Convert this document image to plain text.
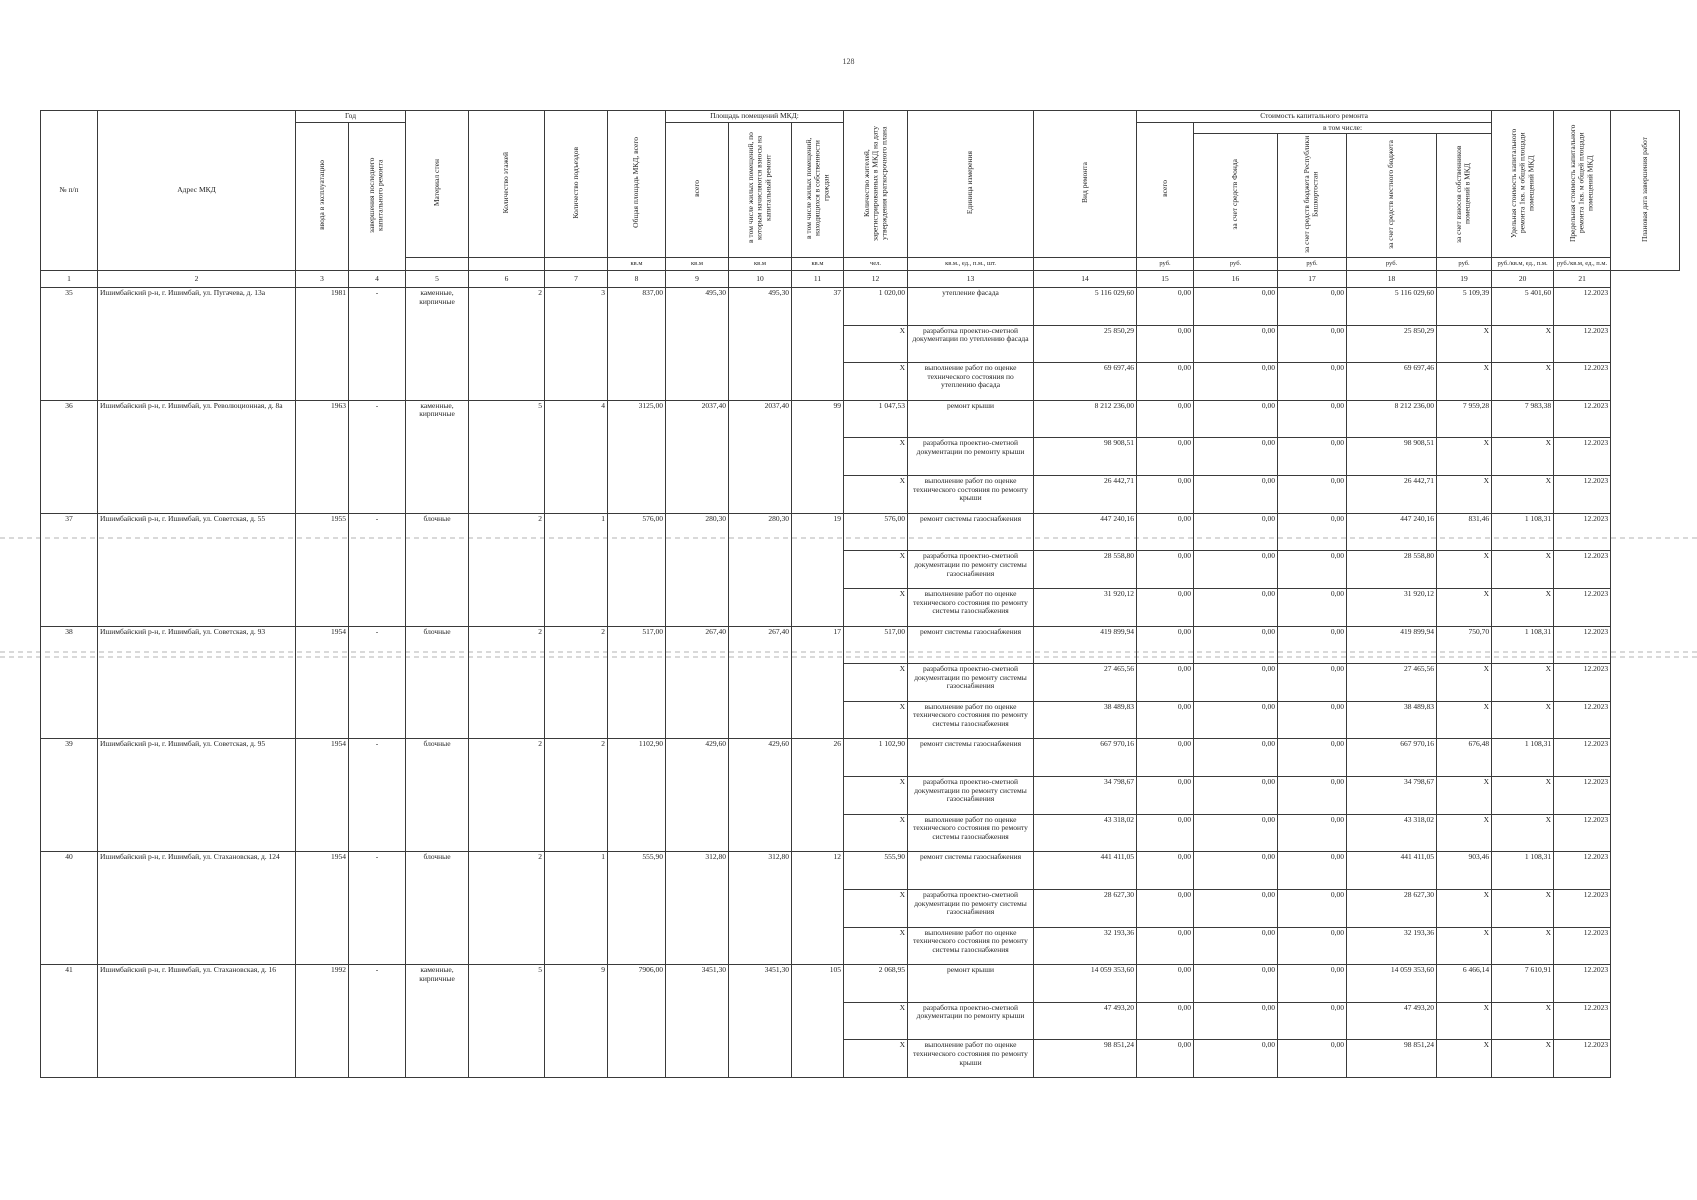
128
№ п/п	Адрес МКД	Год		Материал стен	Количество этажей	Количество подъездов	Общая площадь МКД, всего	Площадь помещений МКД:			Количество жителей, зарегистрированных в МКД на дату утверждения краткосрочного плана	Единица измерения	Вид ремонта	Стоимость капитального ремонта					Удельная стоимость капитального ремонта 1кв. м общей площади помещений МКД	Предельная стоимость капитального ремонта 1кв. м общей площади помещений МКД	Плановая дата завершения работ
		ввода в эксплуатацию	завершения последнего капитального ремонта					всего	в том числе жилых помещений, по которым начисляются взносы на капитальный ремонт	в том числе жилых помещений, находящихся в собственности граждан				всего	в том числе:						
															за счет средств Фонда	за счет средств бюджета Республики Башкортостан	за счет средств местного бюджета	за счет взносов собственников помещений в МКД			
							кв.м	кв.м	кв.м	кв.м	чел.	кв.м., ед., п.м., шт.		руб.	руб.	руб.	руб.	руб.	руб./кв.м, ед., п.м.	руб./кв.м, ед., п.м.	
1	2	3	4	5	6	7	8	9	10	11	12	13	14	15	16	17	18	19	20	21	
35	Ишимбайский р-н, г. Ишимбай, ул. Пугачева, д. 13а	1981	-	каменные, кирпичные	2	3	837,00	495,30	495,30	37	1 020,00	утепление фасада	5 116 029,60	0,00	0,00	0,00	5 116 029,60	5 109,39	5 401,60	12.2023	
											X	разработка проектно-сметной документации по утеплению фасада	25 850,29	0,00	0,00	0,00	25 850,29	X	X	12.2023	
											X	выполнение работ по оценке технического состояния по утеплению фасада	69 697,46	0,00	0,00	0,00	69 697,46	X	X	12.2023	
36	Ишимбайский р-н, г. Ишимбай, ул. Революционная, д. 8а	1963	-	каменные, кирпичные	5	4	3125,00	2037,40	2037,40	99	1 047,53	ремонт крыши	8 212 236,00	0,00	0,00	0,00	8 212 236,00	7 959,28	7 983,38	12.2023	
											X	разработка проектно-сметной документации по ремонту крыши	98 908,51	0,00	0,00	0,00	98 908,51	X	X	12.2023	
											X	выполнение работ по оценке технического состояния по ремонту крыши	26 442,71	0,00	0,00	0,00	26 442,71	X	X	12.2023	
37	Ишимбайский р-н, г. Ишимбай, ул. Советская, д. 55	1955	-	блочные	2	1	576,00	280,30	280,30	19	576,00	ремонт системы газоснабжения	447 240,16	0,00	0,00	0,00	447 240,16	831,46	1 108,31	12.2023	
											X	разработка проектно-сметной документации по ремонту системы газоснабжения	28 558,80	0,00	0,00	0,00	28 558,80	X	X	12.2023	
											X	выполнение работ по оценке технического состояния по ремонту системы газоснабжения	31 920,12	0,00	0,00	0,00	31 920,12	X	X	12.2023	
38	Ишимбайский р-н, г. Ишимбай, ул. Советская, д. 93	1954	-	блочные	2	2	517,00	267,40	267,40	17	517,00	ремонт системы газоснабжения	419 899,94	0,00	0,00	0,00	419 899,94	750,70	1 108,31	12.2023	
											X	разработка проектно-сметной документации по ремонту системы газоснабжения	27 465,56	0,00	0,00	0,00	27 465,56	X	X	12.2023	
											X	выполнение работ по оценке технического состояния по ремонту системы газоснабжения	38 489,83	0,00	0,00	0,00	38 489,83	X	X	12.2023	
39	Ишимбайский р-н, г. Ишимбай, ул. Советская, д. 95	1954	-	блочные	2	2	1102,90	429,60	429,60	26	1 102,90	ремонт системы газоснабжения	667 970,16	0,00	0,00	0,00	667 970,16	676,48	1 108,31	12.2023	
											X	разработка проектно-сметной документации по ремонту системы газоснабжения	34 798,67	0,00	0,00	0,00	34 798,67	X	X	12.2023	
											X	выполнение работ по оценке технического состояния по ремонту системы газоснабжения	43 318,02	0,00	0,00	0,00	43 318,02	X	X	12.2023	
40	Ишимбайский р-н, г. Ишимбай, ул. Стахановская, д. 124	1954	-	блочные	2	1	555,90	312,80	312,80	12	555,90	ремонт системы газоснабжения	441 411,05	0,00	0,00	0,00	441 411,05	903,46	1 108,31	12.2023	
											X	разработка проектно-сметной документации по ремонту системы газоснабжения	28 627,30	0,00	0,00	0,00	28 627,30	X	X	12.2023	
											X	выполнение работ по оценке технического состояния по ремонту системы газоснабжения	32 193,36	0,00	0,00	0,00	32 193,36	X	X	12.2023	
41	Ишимбайский р-н, г. Ишимбай, ул. Стахановская, д. 16	1992	-	каменные, кирпичные	5	9	7906,00	3451,30	3451,30	105	2 068,95	ремонт крыши	14 059 353,60	0,00	0,00	0,00	14 059 353,60	6 466,14	7 610,91	12.2023	
											X	разработка проектно-сметной документации по ремонту крыши	47 493,20	0,00	0,00	0,00	47 493,20	X	X	12.2023	
											X	выполнение работ по оценке технического состояния по ремонту крыши	98 851,24	0,00	0,00	0,00	98 851,24	X	X	12.2023	
